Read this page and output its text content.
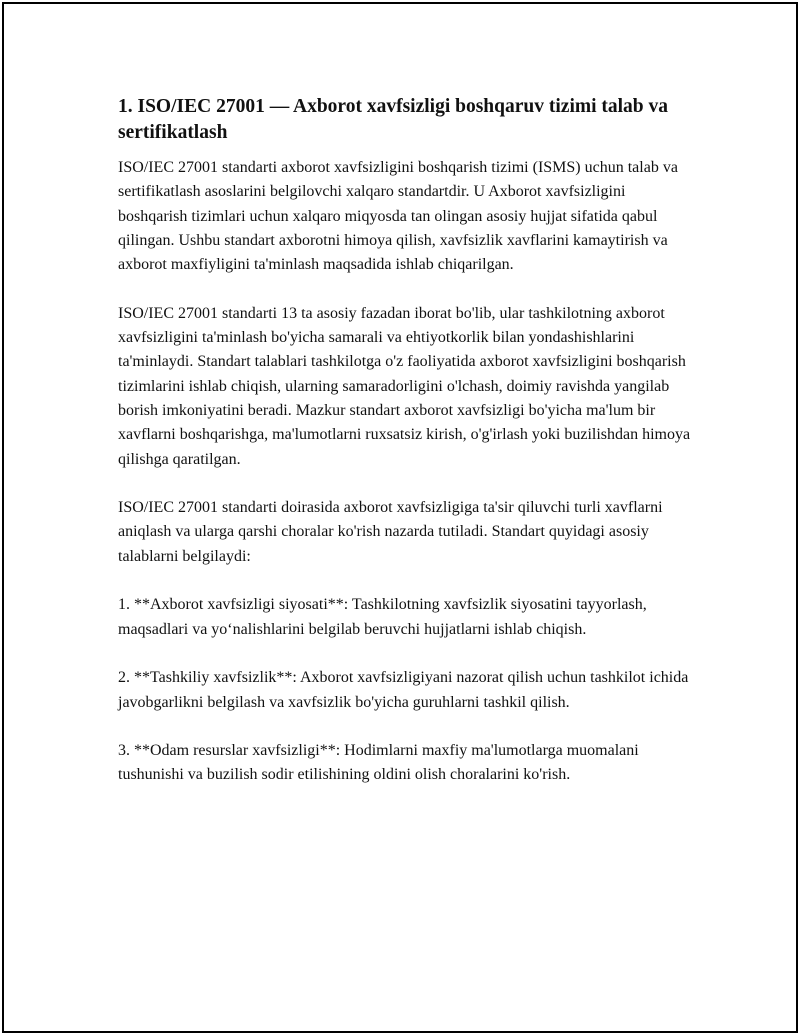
1. ISO/IEC 27001 — Axborot xavfsizligi boshqaruv tizimi talab va sertifikatlash

ISO/IEC 27001 standarti axborot xavfsizligini boshqarish tizimi (ISMS) uchun talab va sertifikatlash asoslarini belgilovchi xalqaro standartdir. U Axborot xavfsizligini boshqarish tizimlari uchun xalqaro miqyosda tan olingan asosiy hujjat sifatida qabul qilingan. Ushbu standart axborotni himoya qilish, xavfsizlik xavflarini kamaytirish va axborot maxfiyligini ta'minlash maqsadida ishlab chiqarilgan.

ISO/IEC 27001 standarti 13 ta asosiy fazadan iborat bo'lib, ular tashkilotning axborot xavfsizligini ta'minlash bo'yicha samarali va ehtiyotkorlik bilan yondashishlarini ta'minlaydi. Standart talablari tashkilotga o'z faoliyatida axborot xavfsizligini boshqarish tizimlarini ishlab chiqish, ularning samaradorligini o'lchash, doimiy ravishda yangilab borish imkoniyatini beradi. Mazkur standart axborot xavfsizligi bo'yicha ma'lum bir xavflarni boshqarishga, ma'lumotlarni ruxsatsiz kirish, o'g'irlash yoki buzilishdan himoya qilishga qaratilgan.

ISO/IEC 27001 standarti doirasida axborot xavfsizligiga ta'sir qiluvchi turli xavflarni aniqlash va ularga qarshi choralar ko'rish nazarda tutiladi. Standart quyidagi asosiy talablarni belgilaydi:

1. **Axborot xavfsizligi siyosati**: Tashkilotning xavfsizlik siyosatini tayyorlash, maqsadlari va yo‘nalishlarini belgilab beruvchi hujjatlarni ishlab chiqish.

2. **Tashkiliy xavfsizlik**: Axborot xavfsizligiyani nazorat qilish uchun tashkilot ichida javobgarlikni belgilash va xavfsizlik bo'yicha guruhlarni tashkil qilish.

3. **Odam resurslar xavfsizligi**: Hodimlarni maxfiy ma'lumotlarga muomalani tushunishi va buzilish sodir etilishining oldini olish choralarini ko'rish.
